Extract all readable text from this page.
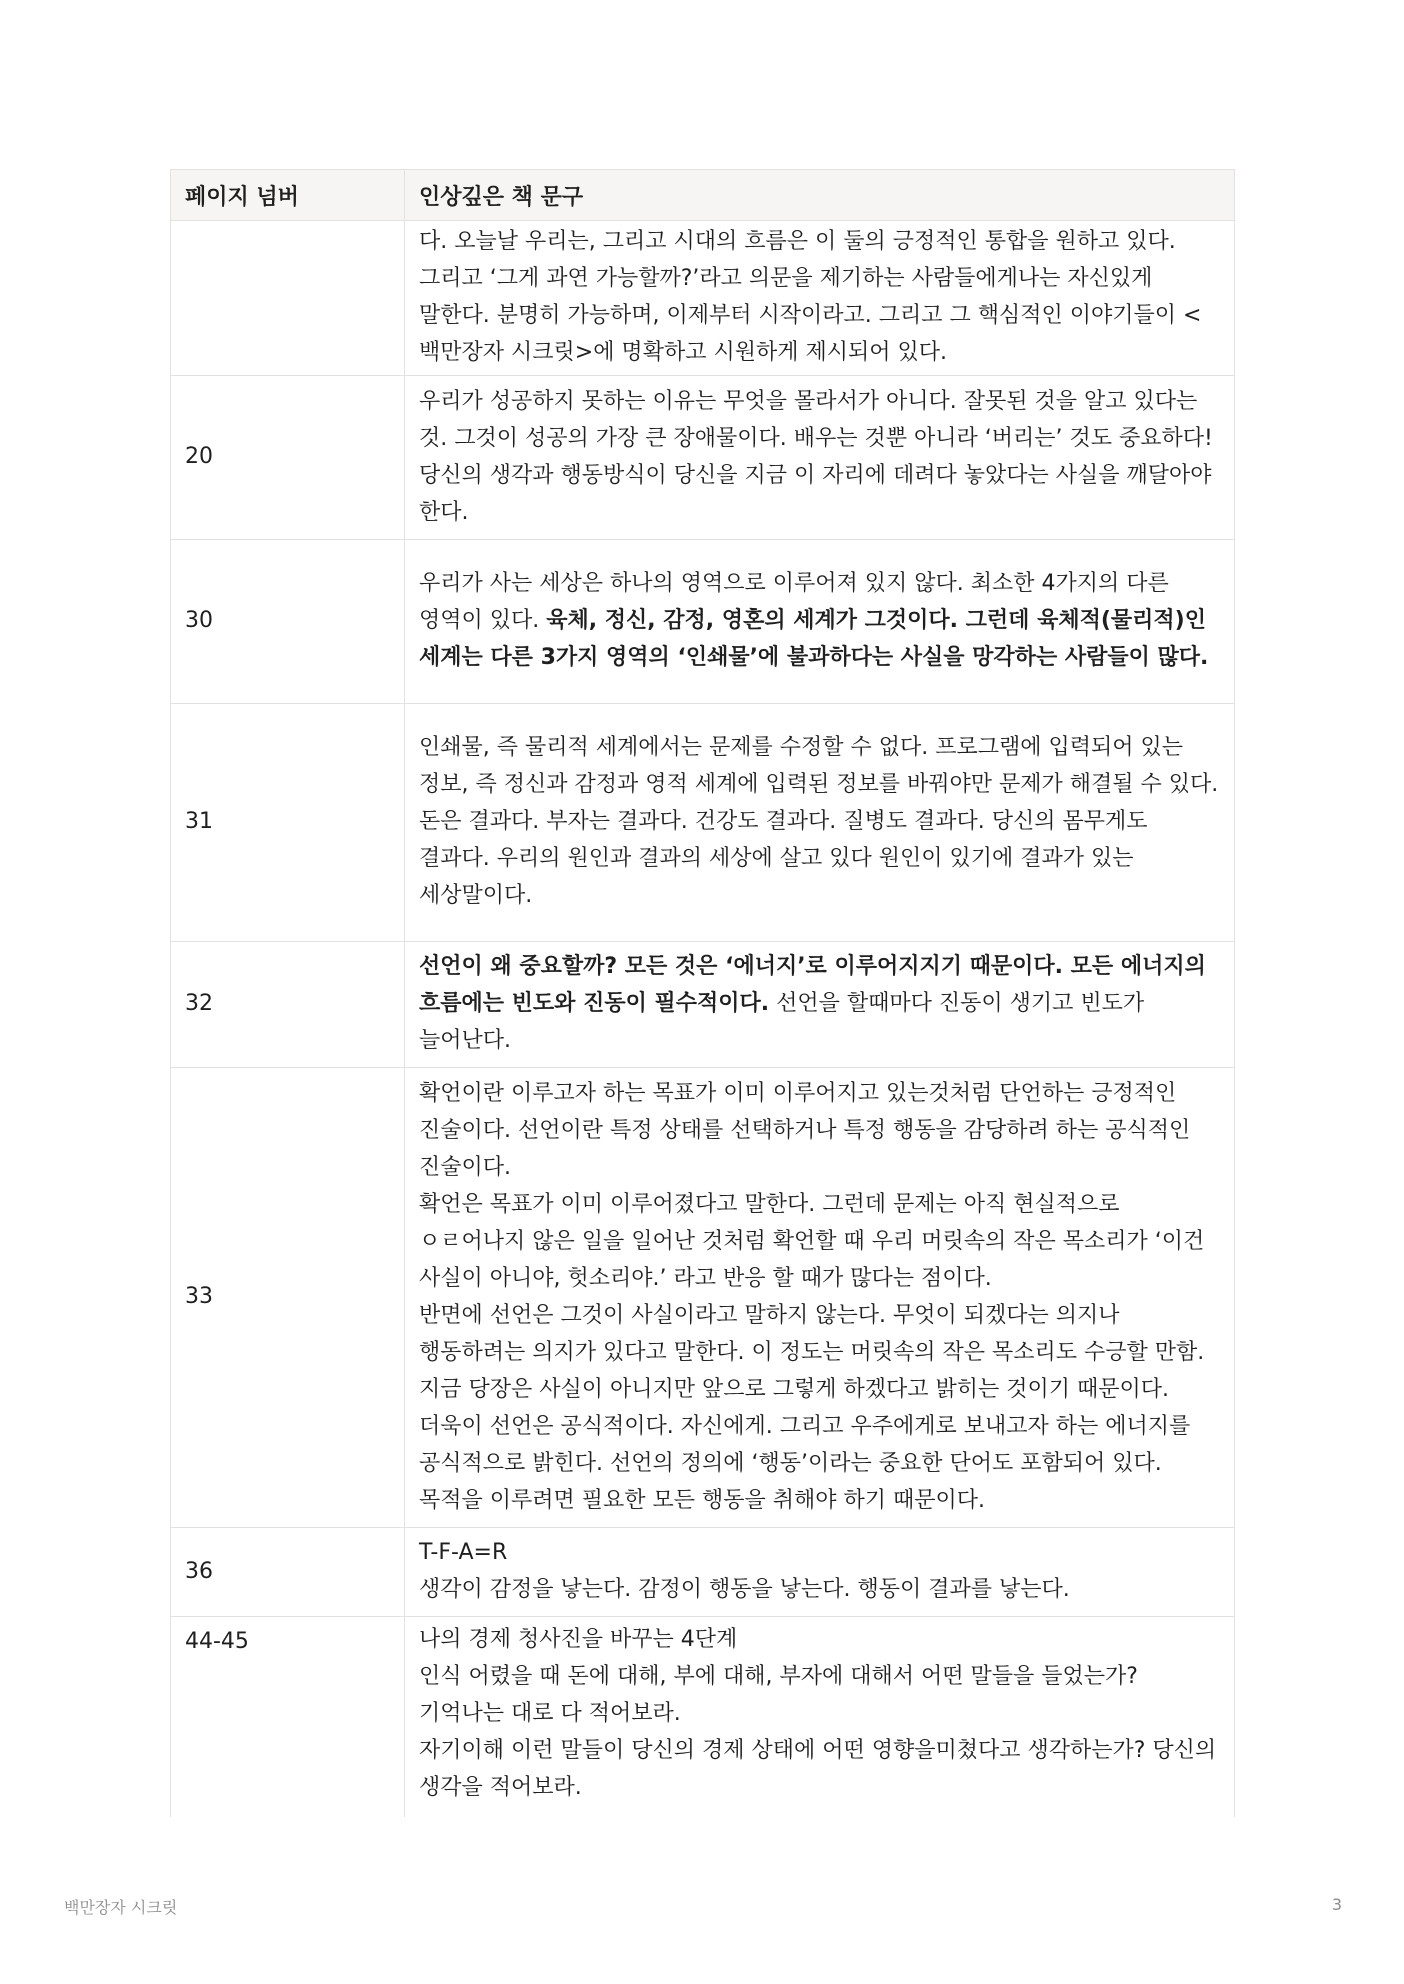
페이지 넘버	인상깊은 책 문구

	다. 오늘날 우리는, 그리고 시대의 흐름은 이 둘의 긍정적인 통합을 원하고 있다. 그리고 ‘그게 과연 가능할까?’라고 의문을 제기하는 사람들에게나는 자신있게 말한다. 분명히 가능하며, 이제부터 시작이라고. 그리고 그 핵심적인 이야기들이 <백만장자 시크릿>에 명확하고 시원하게 제시되어 있다.

20	우리가 성공하지 못하는 이유는 무엇을 몰라서가 아니다. 잘못된 것을 알고 있다는 것. 그것이 성공의 가장 큰 장애물이다. 배우는 것뿐 아니라 ‘버리는’ 것도 중요하다! 당신의 생각과 행동방식이 당신을 지금 이 자리에 데려다 놓았다는 사실을 깨달아야 한다.

30	우리가 사는 세상은 하나의 영역으로 이루어져 있지 않다. 최소한 4가지의 다른 영역이 있다. 육체, 정신, 감정, 영혼의 세계가 그것이다. 그런데 육체적(물리적)인 세계는 다른 3가지 영역의 ‘인쇄물’에 불과하다는 사실을 망각하는 사람들이 많다.
31	인쇄물, 즉 물리적 세계에서는 문제를 수정할 수 없다. 프로그램에 입력되어 있는 정보, 즉 정신과 감정과 영적 세계에 입력된 정보를 바꿔야만 문제가 해결될 수 있다.
돈은 결과다. 부자는 결과다. 건강도 결과다. 질병도 결과다. 당신의 몸무게도 결과다. 우리의 원인과 결과의 세상에 살고 있다 원인이 있기에 결과가 있는 세상말이다.

32	선언이 왜 중요할까? 모든 것은 ‘에너지’로 이루어지지기 때문이다. 모든 에너지의 흐름에는 빈도와 진동이 필수적이다. 선언을 할때마다 진동이 생기고 빈도가 늘어난다.
33	확언이란 이루고자 하는 목표가 이미 이루어지고 있는것처럼 단언하는 긍정적인 진술이다. 선언이란 특정 상태를 선택하거나 특정 행동을 감당하려 하는 공식적인 진술이다.
확언은 목표가 이미 이루어졌다고 말한다. 그런데 문제는 아직 현실적으로 ㅇㄹ어나지 않은 일을 일어난 것처럼 확언할 때 우리 머릿속의 작은 목소리가 ‘이건 사실이 아니야, 헛소리야.’ 라고 반응 할 때가 많다는 점이다.
반면에 선언은 그것이 사실이라고 말하지 않는다. 무엇이 되겠다는 의지나 행동하려는 의지가 있다고 말한다. 이 정도는 머릿속의 작은 목소리도 수긍할 만함. 지금 당장은 사실이 아니지만 앞으로 그렇게 하겠다고 밝히는 것이기 때문이다. 더욱이 선언은 공식적이다. 자신에게. 그리고 우주에게로 보내고자 하는 에너지를 공식적으로 밝힌다. 선언의 정의에 ‘행동’이라는 중요한 단어도 포함되어 있다. 목적을 이루려면 필요한 모든 행동을 취해야 하기 때문이다.

36	T-F-A=R
생각이 감정을 낳는다. 감정이 행동을 낳는다. 행동이 결과를 낳는다.

44-45	나의 경제 청사진을 바꾸는 4단계
인식 어렸을 때 돈에 대해, 부에 대해, 부자에 대해서 어떤 말들을 들었는가? 기억나는 대로 다 적어보라.
자기이해 이런 말들이 당신의 경제 상태에 어떤 영향을미쳤다고 생각하는가? 당신의 생각을 적어보라.
백만장자 시크릿	3
